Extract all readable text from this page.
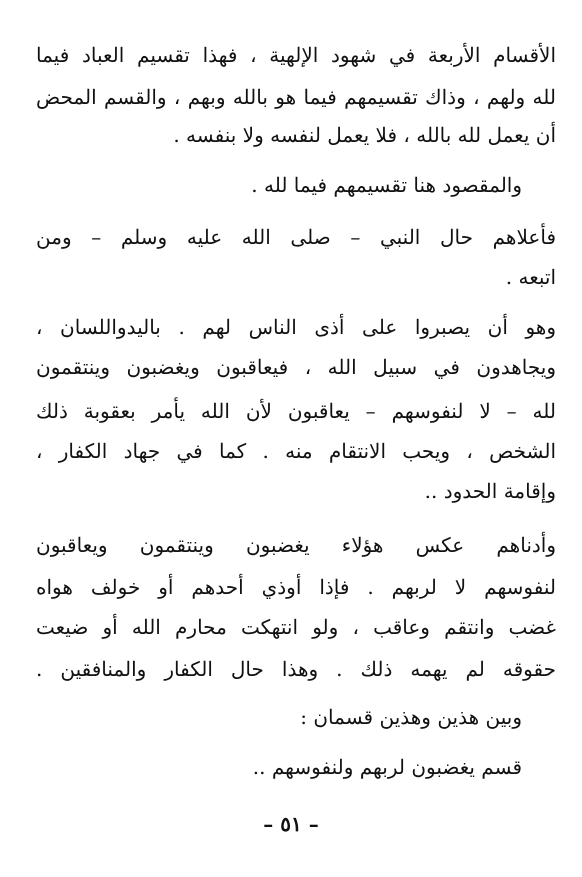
الأقسام الأربعة في شهود الإلهية ، فهذا تقسيم العباد فيما
لله ولهم ، وذاك تقسيمهم فيما هو بالله وبهم ، والقسم المحض
أن يعمل لله بالله ، فلا يعمل لنفسه ولا بنفسه .
والمقصود هنا تقسيمهم فيما لله .
فأعلاهم حال النبي – صلى الله عليه وسلم – ومن
اتبعه .
وهو أن يصبروا على أذى الناس لهم . باليدواللسان ،
ويجاهدون في سبيل الله ، فيعاقبون ويغضبون وينتقمون
لله – لا لنفوسهم – يعاقبون لأن الله يأمر بعقوبة ذلك
الشخص ، ويحب الانتقام منه . كما في جهاد الكفار ،
وإقامة الحدود ..
وأدناهم عكس هؤلاء يغضبون وينتقمون ويعاقبون
لنفوسهم لا لربهم . فإذا أوذي أحدهم أو خولف هواه
غضب وانتقم وعاقب ، ولو انتهكت محارم الله أو ضيعت
حقوقه لم يهمه ذلك . وهذا حال الكفار والمنافقين .
وبين هذين وهذين قسمان :
قسم يغضبون لربهم ولنفوسهم ..
– ٥١ –
